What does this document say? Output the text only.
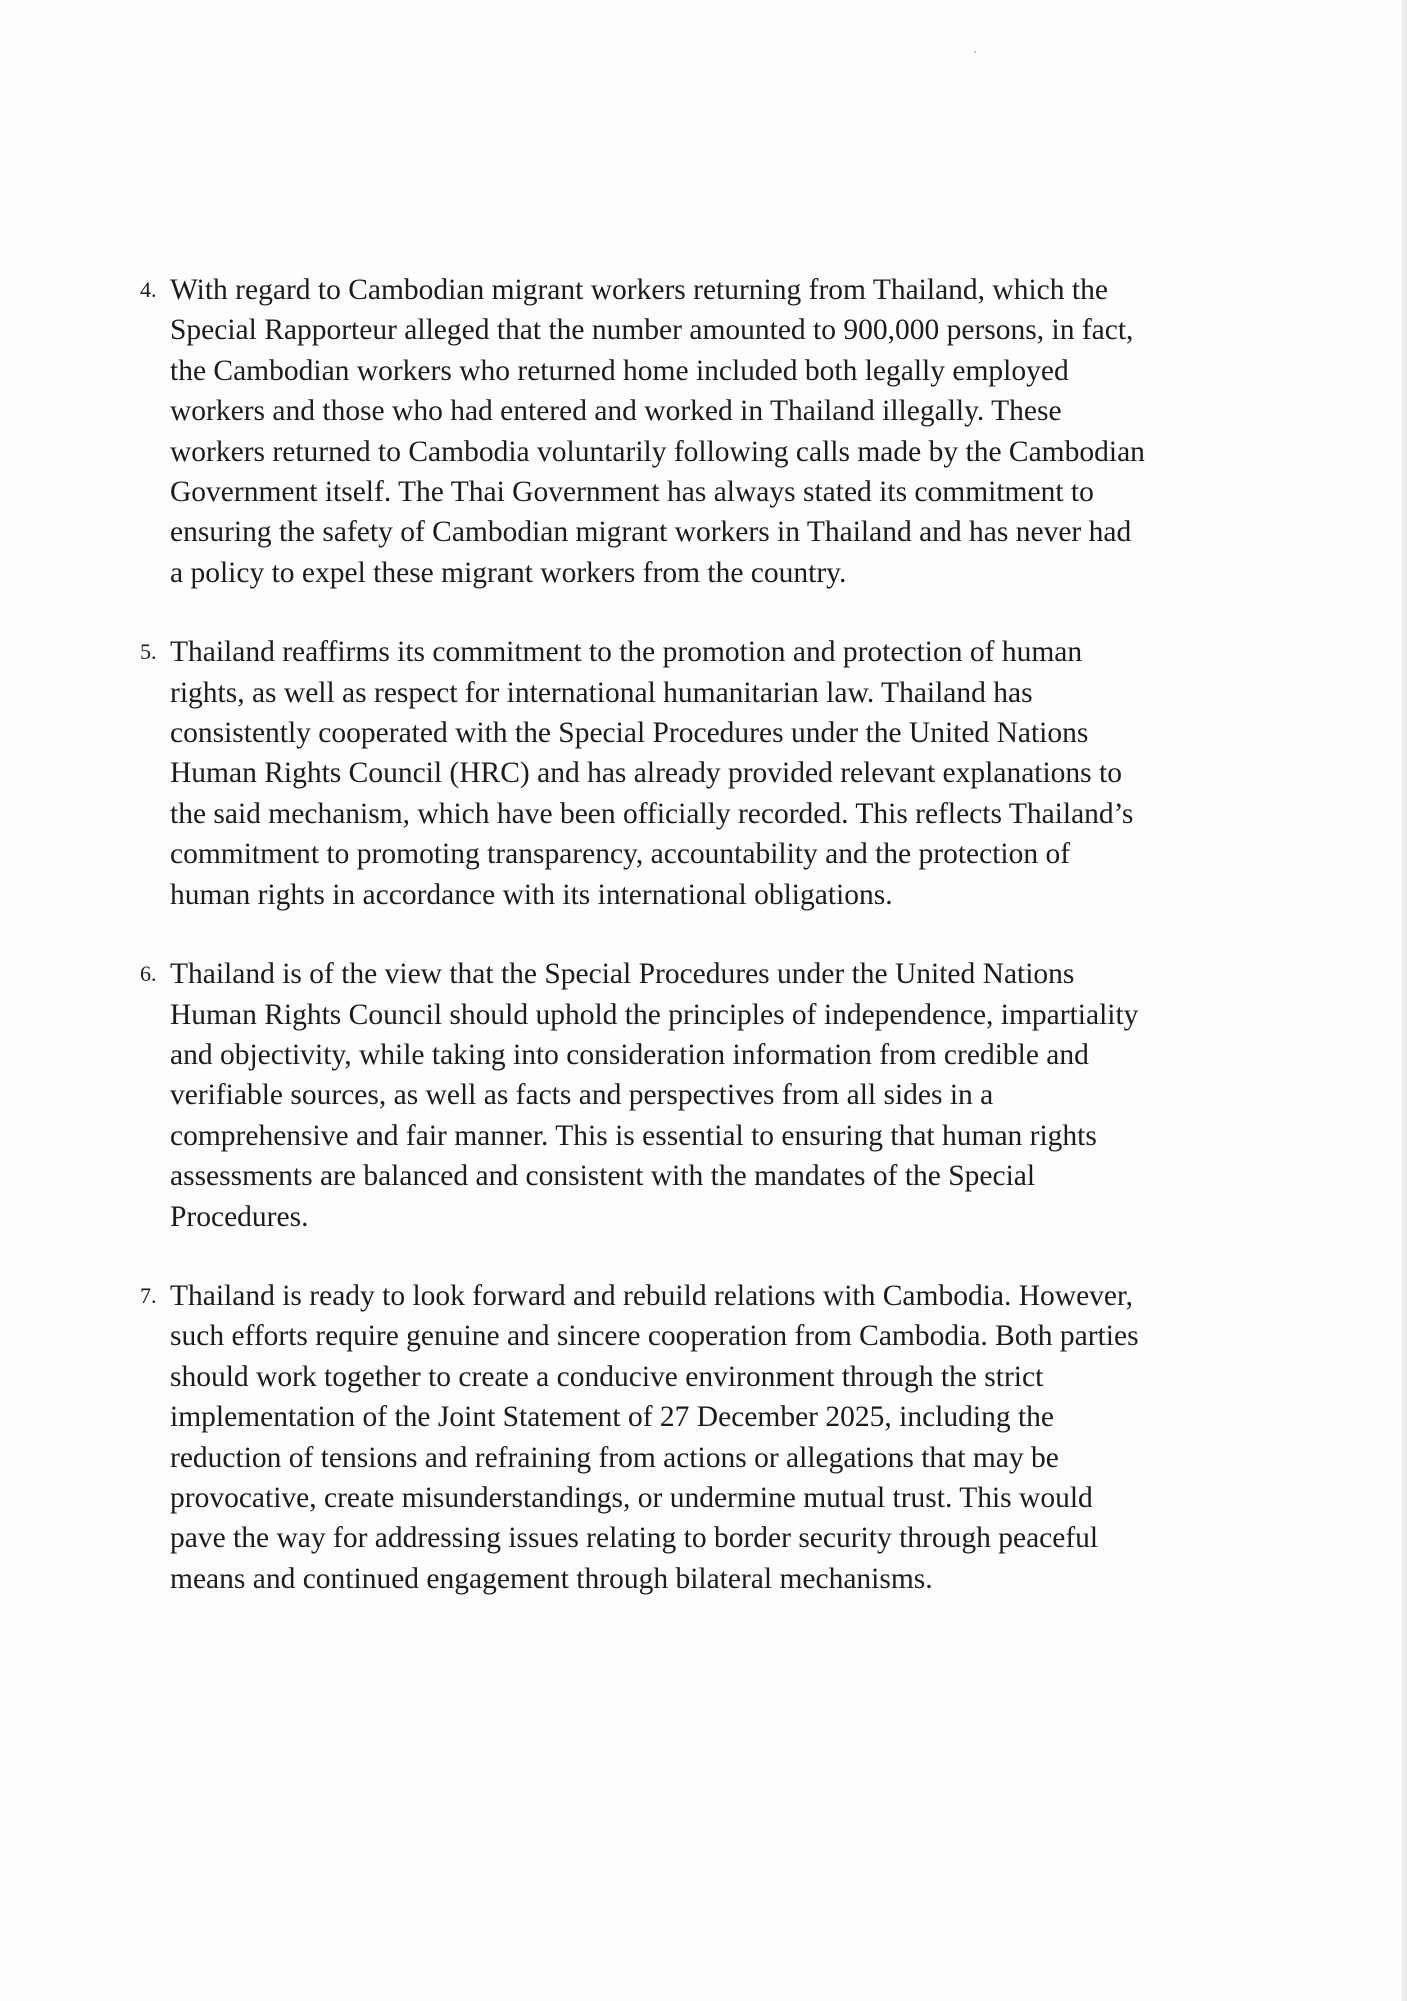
4. With regard to Cambodian migrant workers returning from Thailand, which the
Special Rapporteur alleged that the number amounted to 900,000 persons, in fact,
the Cambodian workers who returned home included both legally employed
workers and those who had entered and worked in Thailand illegally. These
workers returned to Cambodia voluntarily following calls made by the Cambodian
Government itself. The Thai Government has always stated its commitment to
ensuring the safety of Cambodian migrant workers in Thailand and has never had
a policy to expel these migrant workers from the country.
5. Thailand reaffirms its commitment to the promotion and protection of human
rights, as well as respect for international humanitarian law. Thailand has
consistently cooperated with the Special Procedures under the United Nations
Human Rights Council (HRC) and has already provided relevant explanations to
the said mechanism, which have been officially recorded. This reflects Thailand’s
commitment to promoting transparency, accountability and the protection of
human rights in accordance with its international obligations.
6. Thailand is of the view that the Special Procedures under the United Nations
Human Rights Council should uphold the principles of independence, impartiality
and objectivity, while taking into consideration information from credible and
verifiable sources, as well as facts and perspectives from all sides in a
comprehensive and fair manner. This is essential to ensuring that human rights
assessments are balanced and consistent with the mandates of the Special
Procedures.
7. Thailand is ready to look forward and rebuild relations with Cambodia. However,
such efforts require genuine and sincere cooperation from Cambodia. Both parties
should work together to create a conducive environment through the strict
implementation of the Joint Statement of 27 December 2025, including the
reduction of tensions and refraining from actions or allegations that may be
provocative, create misunderstandings, or undermine mutual trust. This would
pave the way for addressing issues relating to border security through peaceful
means and continued engagement through bilateral mechanisms.
